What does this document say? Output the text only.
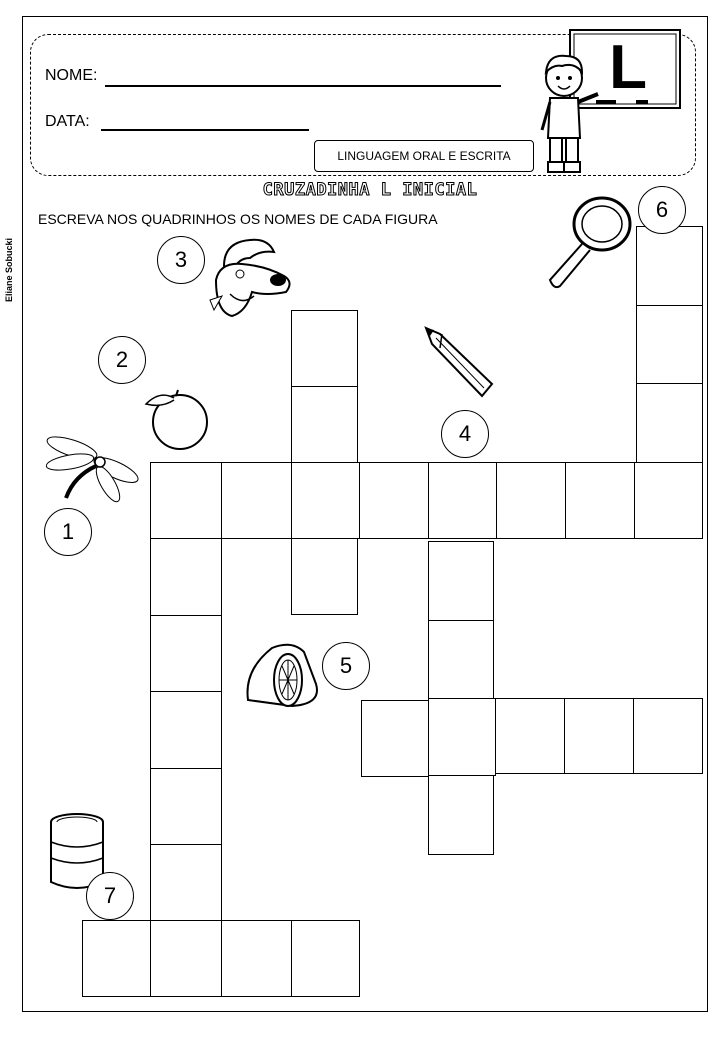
NOME:
DATA:
LINGUAGEM ORAL E ESCRITA
L
CRUZADINHA L INICIAL
ESCREVA NOS QUADRINHOS OS NOMES DE CADA FIGURA
Eliane Sobucki
1
2
3
4
5
6
7
